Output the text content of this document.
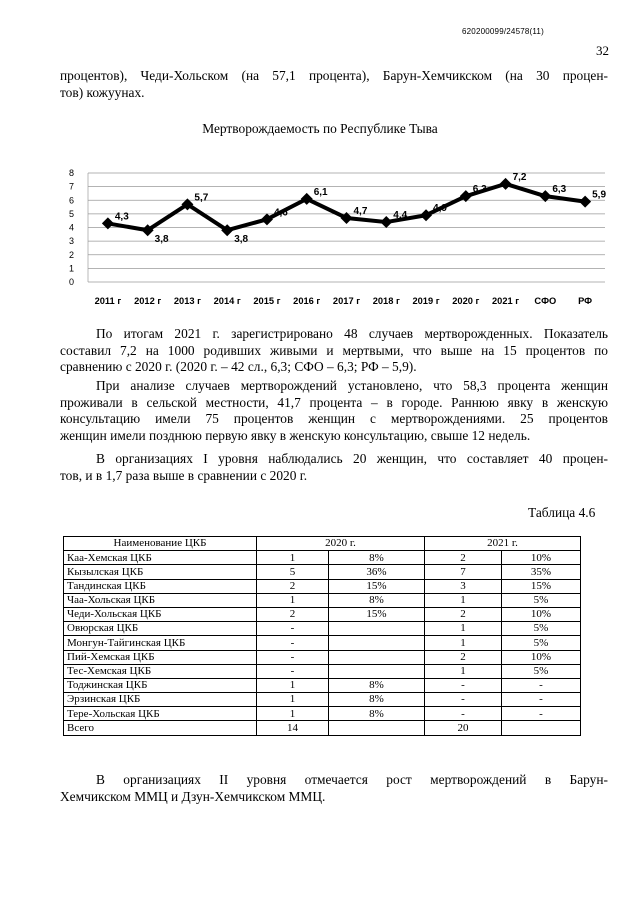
620200099/24578(11)
32
процентов), Чеди-Хольском (на 57,1 процента), Барун-Хемчикском (на 30 процен-
тов) кожуунах.
Мертворождаемость по Республике Тыва
0
1
2
3
4
5
6
7
8
4,3
3,8
5,7
3,8
4,6
6,1
4,7	4,4
4,9
6,3
7,2
6,3	5,9
2011 г 2012 г 2013 г 2014 г 2015 г 2016 г 2017 г 2018 г 2019 г 2020 г 2021 г СФО РФ
По итогам 2021 г. зарегистрировано 48 случаев мертворожденных. Показатель
составил 7,2 на 1000 родивших живыми и мертвыми, что выше на 15 процентов по
сравнению с 2020 г. (2020 г. – 42 сл., 6,3; СФО – 6,3; РФ – 5,9).
При анализе случаев мертворождений установлено, что 58,3 процента женщин
проживали в сельской местности, 41,7 процента – в городе. Раннюю явку в женскую
консультацию имели 75 процентов женщин с мертворождениями. 25 процентов
женщин имели позднюю первую явку в женскую консультацию, свыше 12 недель.
В организациях I уровня наблюдались 20 женщин, что составляет 40 процен-
тов, и в 1,7 раза выше в сравнении с 2020 г.
Таблица 4.6
Наименование ЦКБ	2020 г.		2021 г.	
Каа-Хемская ЦКБ	1	8%	2	10%
Кызылская ЦКБ	5	36%	7	35%
Тандинская ЦКБ	2	15%	3	15%
Чаа-Хольская ЦКБ	1	8%	1	5%
Чеди-Хольская ЦКБ	2	15%	2	10%
Овюрская ЦКБ	-		1	5%
Монгун-Тайгинская ЦКБ	-		1	5%
Пий-Хемская ЦКБ	-		2	10%
Тес-Хемская ЦКБ	-		1	5%
Тоджинская ЦКБ	1	8%	-	-
Эрзинская ЦКБ	1	8%	-	-
Тере-Хольская ЦКБ	1	8%	-	-
Всего	14		20	
В организациях II уровня отмечается рост мертворождений в Барун-
Хемчикском ММЦ и Дзун-Хемчикском ММЦ.
